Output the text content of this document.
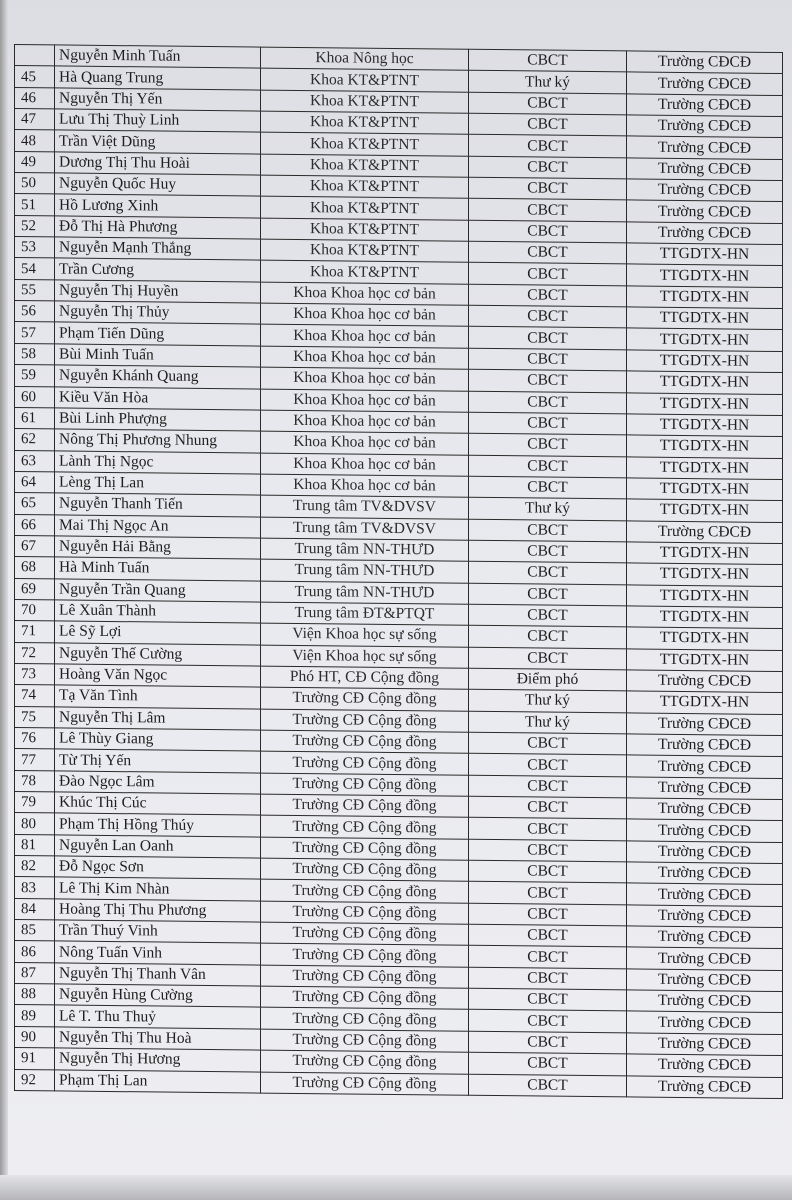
	Nguyễn Minh Tuấn	Khoa Nông học	CBCT	Trường CĐCĐ
45	Hà Quang Trung	Khoa KT&PTNT	Thư ký	Trường CĐCĐ
46	Nguyễn Thị Yến	Khoa KT&PTNT	CBCT	Trường CĐCĐ
47	Lưu Thị Thuỳ Linh	Khoa KT&PTNT	CBCT	Trường CĐCĐ
48	Trần Việt Dũng	Khoa KT&PTNT	CBCT	Trường CĐCĐ
49	Dương Thị Thu Hoài	Khoa KT&PTNT	CBCT	Trường CĐCĐ
50	Nguyễn Quốc Huy	Khoa KT&PTNT	CBCT	Trường CĐCĐ
51	Hồ Lương Xinh	Khoa KT&PTNT	CBCT	Trường CĐCĐ
52	Đỗ Thị Hà Phương	Khoa KT&PTNT	CBCT	Trường CĐCĐ
53	Nguyễn Mạnh Thắng	Khoa KT&PTNT	CBCT	TTGDTX-HN
54	Trần Cương	Khoa KT&PTNT	CBCT	TTGDTX-HN
55	Nguyễn Thị Huyền	Khoa Khoa học cơ bản	CBCT	TTGDTX-HN
56	Nguyễn Thị Thủy	Khoa Khoa học cơ bản	CBCT	TTGDTX-HN
57	Phạm Tiến Dũng	Khoa Khoa học cơ bản	CBCT	TTGDTX-HN
58	Bùi Minh Tuấn	Khoa Khoa học cơ bản	CBCT	TTGDTX-HN
59	Nguyễn Khánh Quang	Khoa Khoa học cơ bản	CBCT	TTGDTX-HN
60	Kiều Văn Hòa	Khoa Khoa học cơ bản	CBCT	TTGDTX-HN
61	Bùi Linh Phượng	Khoa Khoa học cơ bản	CBCT	TTGDTX-HN
62	Nông Thị Phương Nhung	Khoa Khoa học cơ bản	CBCT	TTGDTX-HN
63	Lành Thị Ngọc	Khoa Khoa học cơ bản	CBCT	TTGDTX-HN
64	Lèng Thị Lan	Khoa Khoa học cơ bản	CBCT	TTGDTX-HN
65	Nguyễn Thanh Tiến	Trung tâm TV&DVSV	Thư ký	TTGDTX-HN
66	Mai Thị Ngọc An	Trung tâm TV&DVSV	CBCT	Trường CĐCĐ
67	Nguyễn Hải Bằng	Trung tâm NN-THƯD	CBCT	TTGDTX-HN
68	Hà Minh Tuấn	Trung tâm NN-THƯD	CBCT	TTGDTX-HN
69	Nguyễn Trần Quang	Trung tâm NN-THƯD	CBCT	TTGDTX-HN
70	Lê Xuân Thành	Trung tâm ĐT&PTQT	CBCT	TTGDTX-HN
71	Lê Sỹ Lợi	Viện Khoa học sự sống	CBCT	TTGDTX-HN
72	Nguyễn Thế Cường	Viện Khoa học sự sống	CBCT	TTGDTX-HN
73	Hoàng Văn Ngọc	Phó HT, CĐ Cộng đồng	Điểm phó	Trường CĐCĐ
74	Tạ Văn Tình	Trường CĐ Cộng đồng	Thư ký	TTGDTX-HN
75	Nguyễn Thị Lâm	Trường CĐ Cộng đồng	Thư ký	Trường CĐCĐ
76	Lê Thùy Giang	Trường CĐ Cộng đồng	CBCT	Trường CĐCĐ
77	Từ Thị Yến	Trường CĐ Cộng đồng	CBCT	Trường CĐCĐ
78	Đào Ngọc Lâm	Trường CĐ Cộng đồng	CBCT	Trường CĐCĐ
79	Khúc Thị Cúc	Trường CĐ Cộng đồng	CBCT	Trường CĐCĐ
80	Phạm Thị Hồng Thúy	Trường CĐ Cộng đồng	CBCT	Trường CĐCĐ
81	Nguyễn Lan Oanh	Trường CĐ Cộng đồng	CBCT	Trường CĐCĐ
82	Đỗ Ngọc Sơn	Trường CĐ Cộng đồng	CBCT	Trường CĐCĐ
83	Lê Thị Kim Nhàn	Trường CĐ Cộng đồng	CBCT	Trường CĐCĐ
84	Hoàng Thị Thu Phương	Trường CĐ Cộng đồng	CBCT	Trường CĐCĐ
85	Trần Thuý Vinh	Trường CĐ Cộng đồng	CBCT	Trường CĐCĐ
86	Nông Tuấn Vinh	Trường CĐ Cộng đồng	CBCT	Trường CĐCĐ
87	Nguyễn Thị Thanh Vân	Trường CĐ Cộng đồng	CBCT	Trường CĐCĐ
88	Nguyễn Hùng Cường	Trường CĐ Cộng đồng	CBCT	Trường CĐCĐ
89	Lê T. Thu Thuỷ	Trường CĐ Cộng đồng	CBCT	Trường CĐCĐ
90	Nguyễn Thị Thu Hoà	Trường CĐ Cộng đồng	CBCT	Trường CĐCĐ
91	Nguyễn Thị Hương	Trường CĐ Cộng đồng	CBCT	Trường CĐCĐ
92	Phạm Thị Lan	Trường CĐ Cộng đồng	CBCT	Trường CĐCĐ
